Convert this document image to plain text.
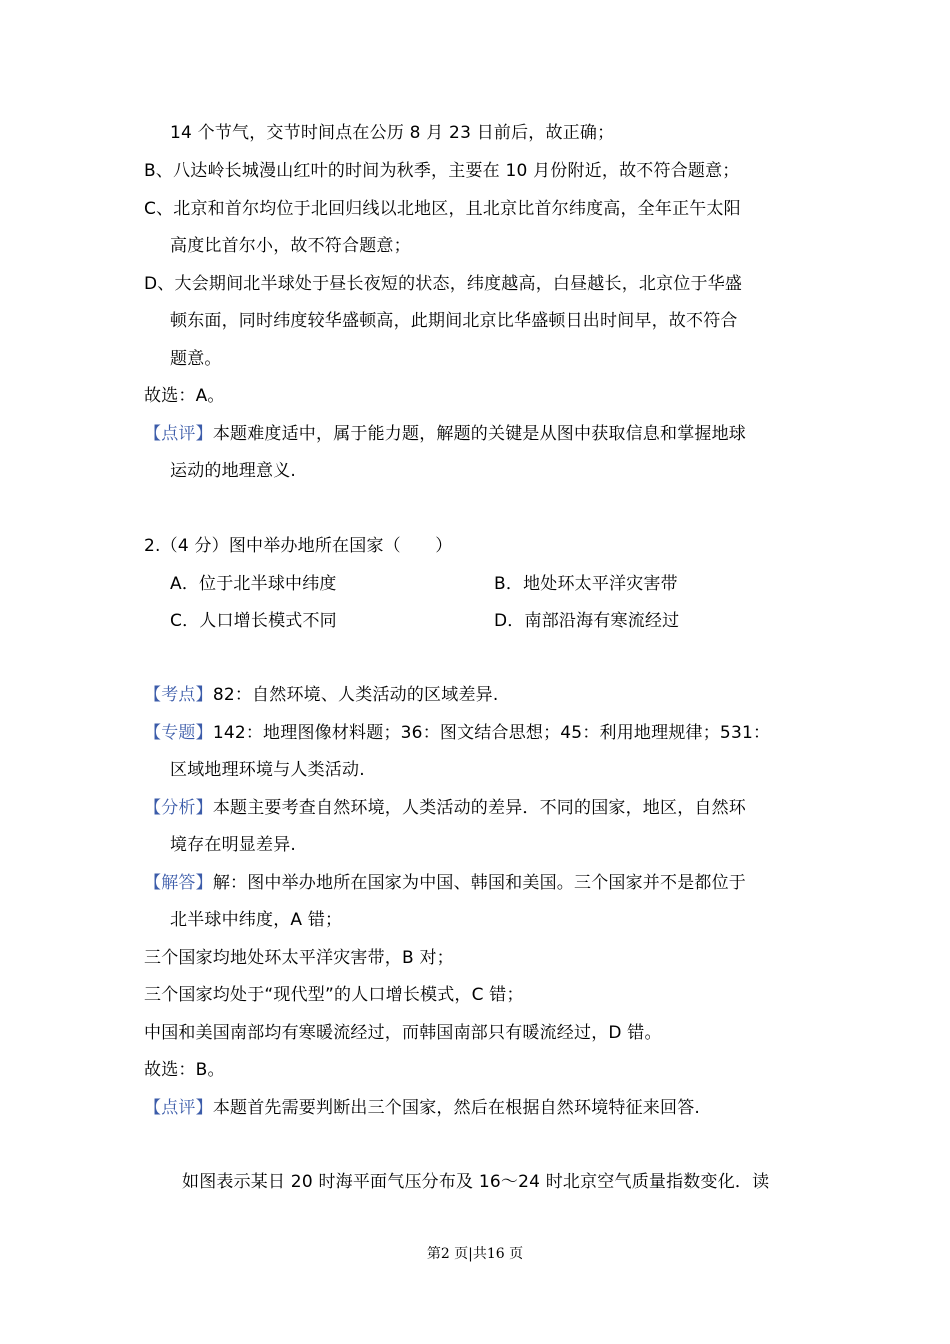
14 个节气，交节时间点在公历 8 月 23 日前后，故正确；
B、八达岭长城漫山红叶的时间为秋季，主要在 10 月份附近，故不符合题意；
C、北京和首尔均位于北回归线以北地区，且北京比首尔纬度高，全年正午太阳
高度比首尔小，故不符合题意；
D、大会期间北半球处于昼长夜短的状态，纬度越高，白昼越长，北京位于华盛
顿东面，同时纬度较华盛顿高，此期间北京比华盛顿日出时间早，故不符合
题意。
故选：A。
【点评】本题难度适中，属于能力题，解题的关键是从图中获取信息和掌握地球
运动的地理意义.
2.（4 分）图中举办地所在国家（　　）
A．位于北半球中纬度	B．地处环太平洋灾害带
C．人口增长模式不同	D．南部沿海有寒流经过
【考点】82：自然环境、人类活动的区域差异.
【专题】142：地理图像材料题；36：图文结合思想；45：利用地理规律；531：
区域地理环境与人类活动.
【分析】本题主要考查自然环境，人类活动的差异．不同的国家，地区，自然环
境存在明显差异.
【解答】解：图中举办地所在国家为中国、韩国和美国。三个国家并不是都位于
北半球中纬度，A 错；
三个国家均地处环太平洋灾害带，B 对；
三个国家均处于“现代型”的人口增长模式，C 错；
中国和美国南部均有寒暖流经过，而韩国南部只有暖流经过，D 错。
故选：B。
【点评】本题首先需要判断出三个国家，然后在根据自然环境特征来回答.
如图表示某日 20 时海平面气压分布及 16～24 时北京空气质量指数变化．读
第2 页|共16 页
